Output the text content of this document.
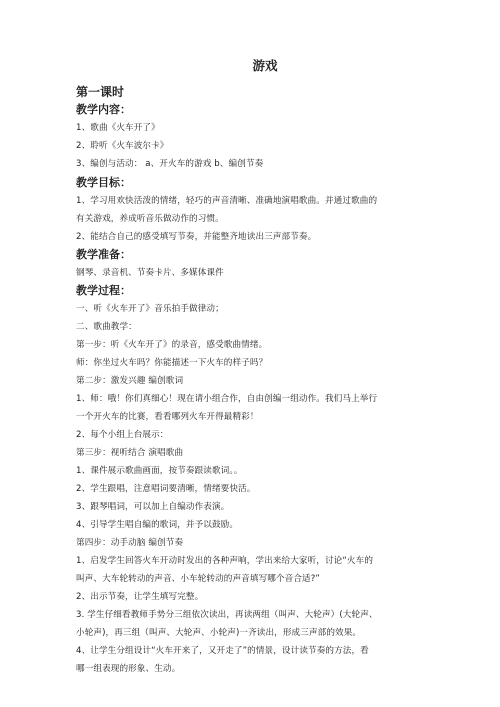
游戏
第一课时
教学内容：
1、歌曲《火车开了》
2、聆听《火车波尔卡》
3、编创与活动： a、开火车的游戏 b、编创节奏
教学目标：
1、学习用欢快活泼的情绪，轻巧的声音清晰、准确地演唱歌曲。并通过歌曲的
有关游戏，养成听音乐做动作的习惯。
2、能结合自己的感受填写节奏，并能整齐地读出三声部节奏。
教学准备：
钢琴、录音机、节奏卡片、多媒体课件
教学过程：
一、听《火车开了》音乐拍手做律动；
二、歌曲教学：
第一步：听《火车开了》的录音，感受歌曲情绪。
师：你坐过火车吗？你能描述一下火车的样子吗？
第二步：激发兴趣 编创歌词
1、师：哦！你们真细心！现在请小组合作，自由创编一组动作。我们马上举行
一个开火车的比赛，看看哪列火车开得最精彩！
2、每个小组上台展示：
第三步：视听结合 演唱歌曲
1、课件展示歌曲画面，按节奏跟读歌词。。
2、学生跟唱，注意唱词要清晰，情绪要快活。
3、跟琴唱词，可以加上自编动作表演。
4、引导学生唱自编的歌词，并予以鼓励。
第四步：动手动脑 编创节奏
1、启发学生回答火车开动时发出的各种声响，学出来给大家听，讨论“火车的
叫声、大车轮转动的声音、小车轮转动的声音填写哪个音合适?”
2、出示节奏，让学生填写完整。
3. 学生仔细看教师手势分三组依次读出，再读两组（叫声、大轮声）(大轮声、
小轮声)，再三组（叫声、大轮声、小轮声)一齐读出，形成三声部的效果。
4、让学生分组设计“火车开来了，又开走了”的情景，设计读节奏的方法，看
哪一组表现的形象、生动。
